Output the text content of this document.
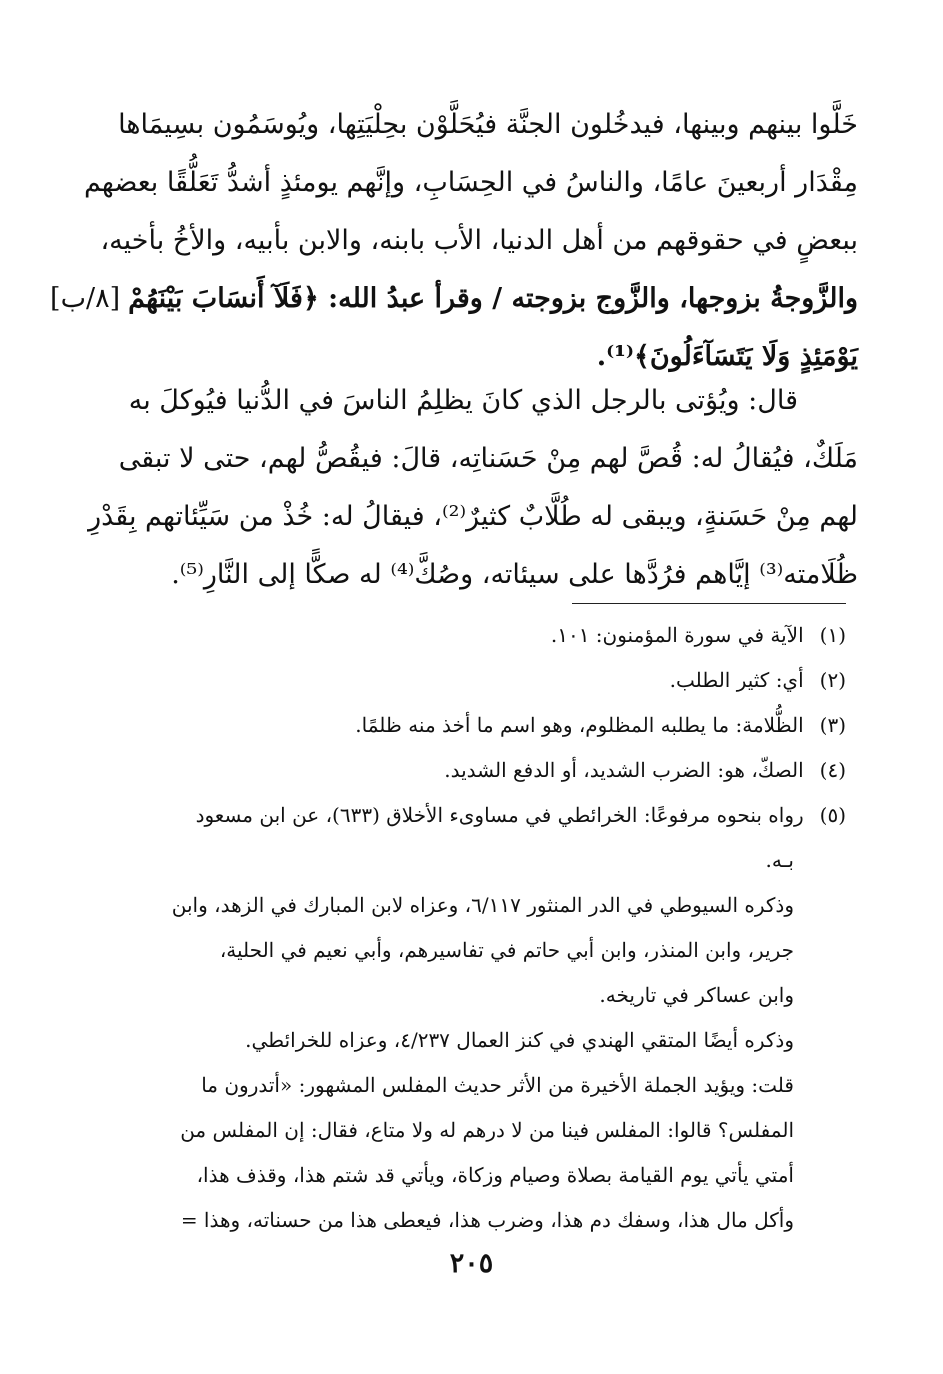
خَلَّوا بينهم وبينها، فيدخُلون الجنَّة فيُحَلَّوْن بحِلْيَتِها، ويُوسَمُون بسِيمَاها
مِقْدَار أربعينَ عامًا، والناسُ في الحِسَابِ، وإنَّهم يومئذٍ أشدُّ تَعَلُّقًا بعضهم
ببعضٍ في حقوقهم من أهل الدنيا، الأب بابنه، والابن بأبيه، والأخُ بأخيه،
والزَّوجةُ بزوجها، والزَّوج بزوجته / وقرأ عبدُ الله: ﴿فَلَآ أَنسَابَ بَيْنَهُمْ[٨/ب]
يَوْمَئِذٍ وَلَا يَتَسَآءَلُونَ﴾⁽¹⁾.
قال: ويُؤتى بالرجل الذي كانَ يظلِمُ الناسَ في الدُّنيا فيُوكلَ به
مَلَكٌ، فيُقالُ له: قُصَّ لهم مِنْ حَسَناتِه، قالَ: فيقُصُّ لهم، حتى لا تبقى
لهم مِنْ حَسَنةٍ، ويبقى له طُلَّابٌ كثيرٌ⁽²⁾، فيقالُ له: خُذْ من سَيِّئاتهم بِقَدْرِ
ظُلَامته⁽³⁾ إيَّاهم فرُدَّها على سيئاته، وصُكَّ⁽⁴⁾ له صكًّا إلى النَّارِ⁽⁵⁾.
(١) الآية في سورة المؤمنون: ١٠١.
(٢) أي: كثير الطلب.
(٣) الظُّلامة: ما يطلبه المظلوم، وهو اسم ما أخذ منه ظلمًا.
(٤) الصكّ، هو: الضرب الشديد، أو الدفع الشديد.
(٥) رواه بنحوه مرفوعًا: الخرائطي في مساوىء الأخلاق (٦٣٣)، عن ابن مسعود
بـه.
وذكره السيوطي في الدر المنثور ٦/١١٧، وعزاه لابن المبارك في الزهد، وابن
جرير، وابن المنذر، وابن أبي حاتم في تفاسيرهم، وأبي نعيم في الحلية،
وابن عساكر في تاريخه.
وذكره أيضًا المتقي الهندي في كنز العمال ٤/٢٣٧، وعزاه للخرائطي.
قلت: ويؤيد الجملة الأخيرة من الأثر حديث المفلس المشهور: «أتدرون ما
المفلس؟ قالوا: المفلس فينا من لا درهم له ولا متاع، فقال: إن المفلس من
أمتي يأتي يوم القيامة بصلاة وصيام وزكاة، ويأتي قد شتم هذا، وقذف هذا،
وأكل مال هذا، وسفك دم هذا، وضرب هذا، فيعطى هذا من حسناته، وهذا =
٢٠٥
